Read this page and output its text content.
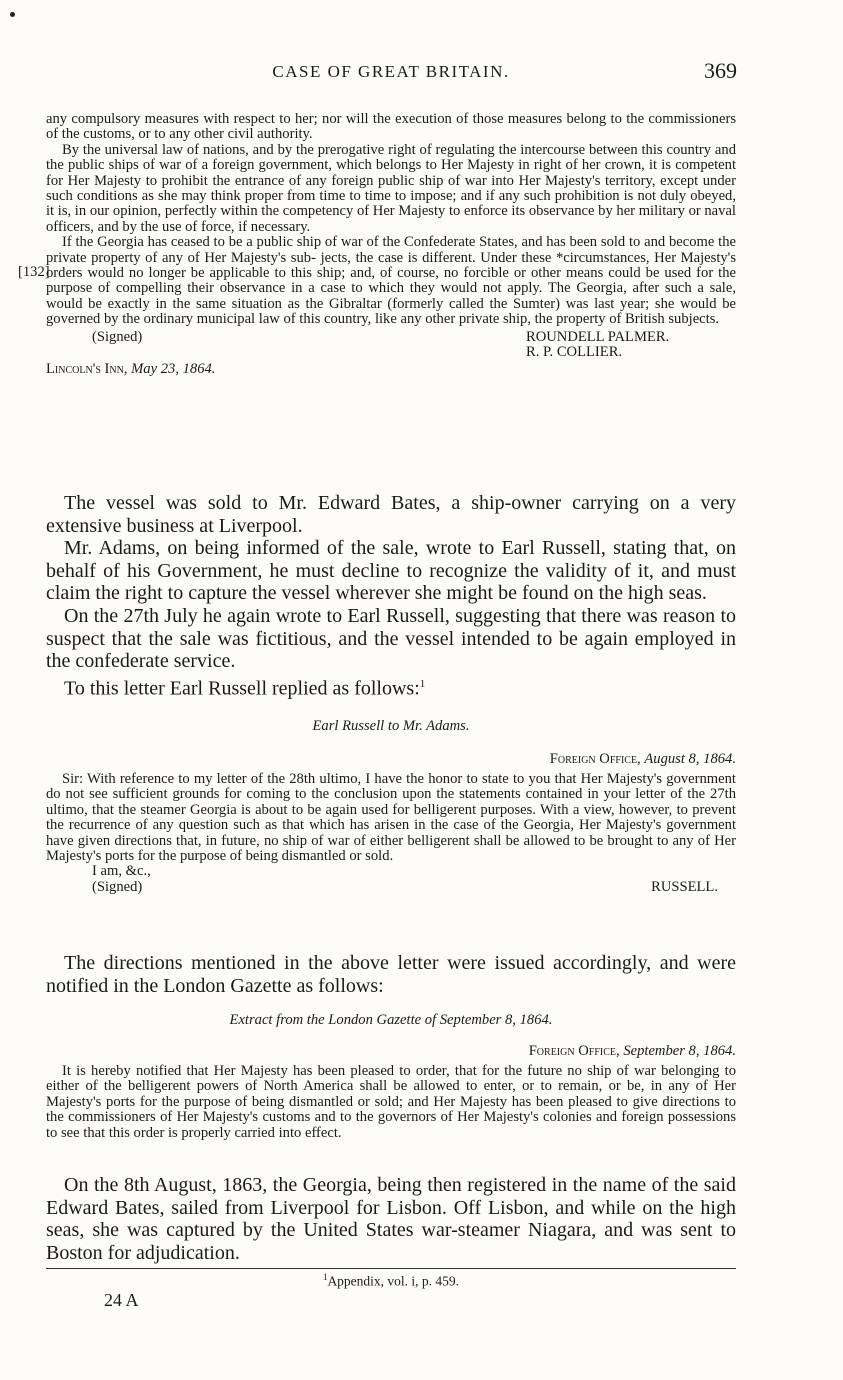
CASE OF GREAT BRITAIN.	369

any compulsory measures with respect to her; nor will the execution of those measures belong to the commissioners of the customs, or to any other civil authority.

By the universal law of nations, and by the prerogative right of regulating the intercourse between this country and the public ships of war of a foreign government, which belongs to Her Majesty in right of her crown, it is competent for Her Majesty to prohibit the entrance of any foreign public ship of war into Her Majesty's territory, except under such conditions as she may think proper from time to time to impose; and if any such prohibition is not duly obeyed, it is, in our opinion, perfectly within the competency of Her Majesty to enforce its observance by her military or naval officers, and by the use of force, if necessary.

If the Georgia has ceased to be a public ship of war of the Confederate States, and has been sold to and become the private property of any of Her Majesty's sub-
[132]
jects, the case is different. Under these *circumstances, Her Majesty's orders would no longer be applicable to this ship; and, of course, no forcible or other means could be used for the purpose of compelling their observance in a case to which they would not apply. The Georgia, after such a sale, would be exactly in the same situation as the Gibraltar (formerly called the Sumter) was last year; she would be governed by the ordinary municipal law of this country, like any other private ship, the property of British subjects.

(Signed)	ROUNDELL PALMER.
R. P. COLLIER.
Lincoln's Inn, May 23, 1864.

The vessel was sold to Mr. Edward Bates, a ship-owner carrying on a very extensive business at Liverpool.

Mr. Adams, on being informed of the sale, wrote to Earl Russell, stating that, on behalf of his Government, he must decline to recognize the validity of it, and must claim the right to capture the vessel wherever she might be found on the high seas.

On the 27th July he again wrote to Earl Russell, suggesting that there was reason to suspect that the sale was fictitious, and the vessel intended to be again employed in the confederate service.

To this letter Earl Russell replied as follows:$^1$

Earl Russell to Mr. Adams.
Foreign Office, August 8, 1864.

Sir: With reference to my letter of the 28th ultimo, I have the honor to state to you that Her Majesty's government do not see sufficient grounds for coming to the conclusion upon the statements contained in your letter of the 27th ultimo, that the steamer Georgia is about to be again used for belligerent purposes. With a view, however, to prevent the recurrence of any question such as that which has arisen in the case of the Georgia, Her Majesty's government have given directions that, in future, no ship of war of either belligerent shall be allowed to be brought to any of Her Majesty's ports for the purpose of being dismantled or sold.

I am, &c.,
(Signed)	RUSSELL.

The directions mentioned in the above letter were issued accordingly, and were notified in the London Gazette as follows:

Extract from the London Gazette of September 8, 1864.
Foreign Office, September 8, 1864.

It is hereby notified that Her Majesty has been pleased to order, that for the future no ship of war belonging to either of the belligerent powers of North America shall be allowed to enter, or to remain, or be, in any of Her Majesty's ports for the purpose of being dismantled or sold; and Her Majesty has been pleased to give directions to the commissioners of Her Majesty's customs and to the governors of Her Majesty's colonies and foreign possessions to see that this order is properly carried into effect.

On the 8th August, 1863, the Georgia, being then registered in the name of the said Edward Bates, sailed from Liverpool for Lisbon. Off Lisbon, and while on the high seas, she was captured by the United States war-steamer Niagara, and was sent to Boston for adjudication.

$^1$Appendix, vol. i, p. 459.
24 A
